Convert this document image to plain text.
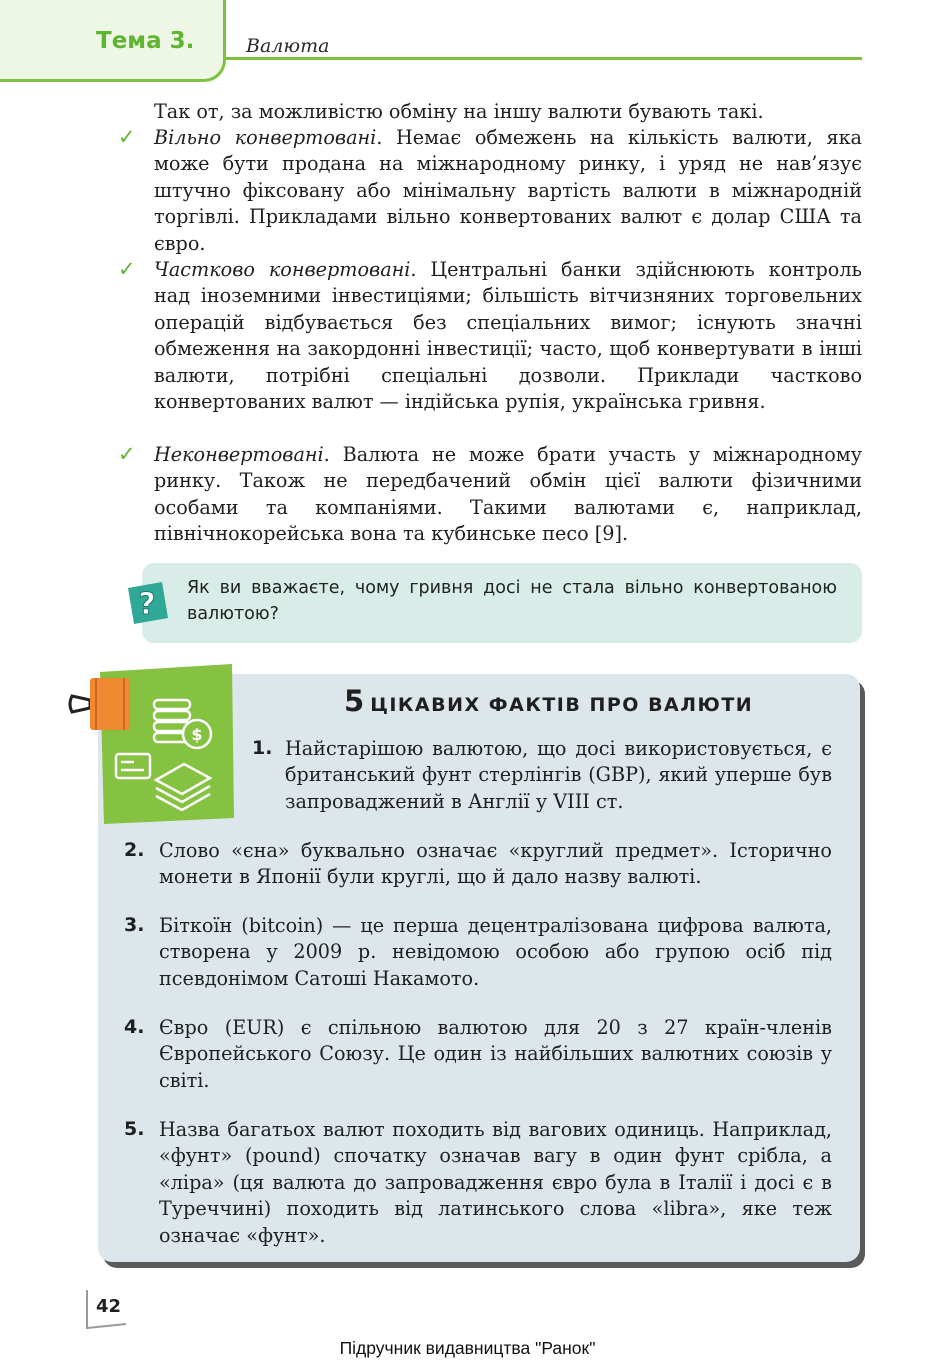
Тема 3.	Валюта
Так от, за можливістю обміну на іншу валюти бувають такі.
✓ Вільно конвертовані. Немає обмежень на кількість валюти, яка може бути продана на міжнародному ринку, і уряд не нав’язує штучно фіксовану або мінімальну вартість валюти в міжнародній торгівлі. Прикладами вільно конвертованих валют є долар США та євро.
✓ Частково конвертовані. Центральні банки здійснюють контроль над іноземними інвестиціями; більшість вітчизняних торговельних операцій відбувається без спеціальних вимог; існують значні обмеження на закордонні інвестиції; часто, щоб конвертувати в інші валюти, потрібні спеціальні дозволи. Приклади частково конвертованих валют — індійська рупія, українська гривня.
✓ Неконвертовані. Валюта не може брати участь у міжнародному ринку. Також не передбачений обмін цієї валюти фізичними особами та компаніями. Такими валютами є, наприклад, північнокорейська вона та кубинське песо [9].
? Як ви вважаєте, чому гривня досі не стала вільно конвертованою валютою?
$
5 ЦІКАВИХ ФАКТІВ ПРО ВАЛЮТИ
1. Найстарішою валютою, що досі використовується, є британський фунт стерлінгів (GBP), який уперше був запроваджений в Англії у VIII ст.
2. Слово «єна» буквально означає «круглий предмет». Історично монети в Японії були круглі, що й дало назву валюті.
3. Біткоїн (bitcoin) — це перша децентралізована цифрова валюта, створена у 2009 р. невідомою особою або групою осіб під псевдонімом Сатоші Накамото.
4. Євро (EUR) є спільною валютою для 20 з 27 країн-членів Європейського Союзу. Це один із найбільших валютних союзів у світі.
5. Назва багатьох валют походить від вагових одиниць. Наприклад, «фунт» (pound) спочатку означав вагу в один фунт срібла, а «ліра» (ця валюта до запровадження євро була в Італії і досі є в Туреччині) походить від латинського слова «libra», яке теж означає «фунт».
42
Підручник видавництва "Ранок"
